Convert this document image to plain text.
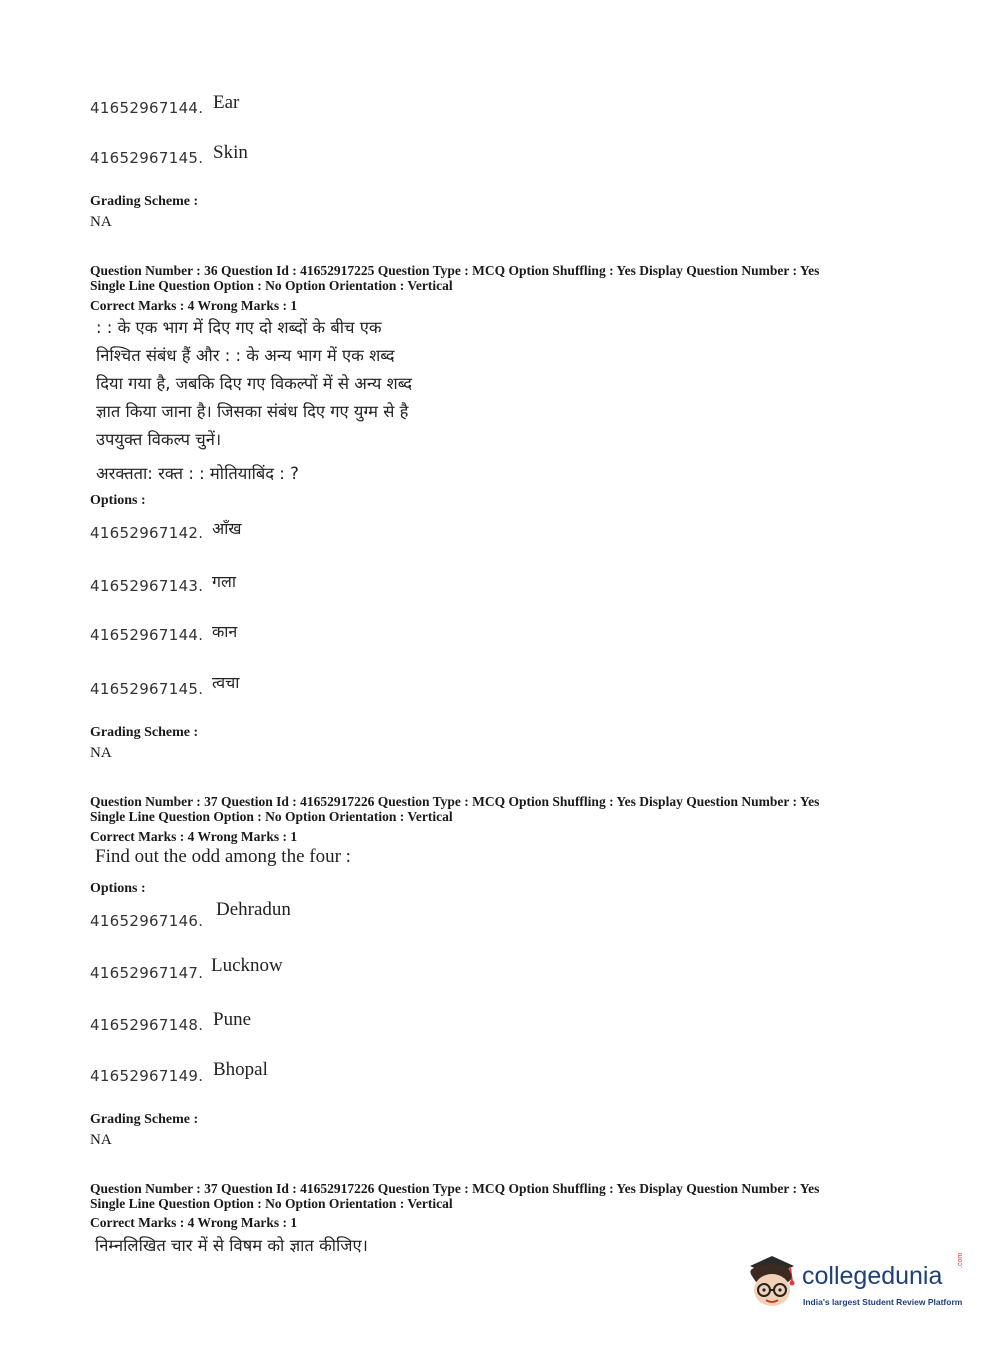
41652967144. Ear
41652967145. Skin
Grading Scheme :
NA
Question Number : 36 Question Id : 41652917225 Question Type : MCQ Option Shuffling : Yes Display Question Number : Yes
Single Line Question Option : No Option Orientation : Vertical
Correct Marks : 4 Wrong Marks : 1
: : के एक भाग में दिए गए दो शब्दों के बीच एक
निश्चित संबंध हैं और : : के अन्य भाग में एक शब्द
दिया गया है, जबकि दिए गए विकल्पों में से अन्य शब्द
ज्ञात किया जाना है। जिसका संबंध दिए गए युग्म से है
उपयुक्त विकल्प चुनें।
अरक्तता: रक्त : : मोतियाबिंद : ?
Options :
41652967142. आँख
41652967143. गला
41652967144. कान
41652967145. त्वचा
Grading Scheme :
NA
Question Number : 37 Question Id : 41652917226 Question Type : MCQ Option Shuffling : Yes Display Question Number : Yes
Single Line Question Option : No Option Orientation : Vertical
Correct Marks : 4 Wrong Marks : 1
Find out the odd among the four :
Options :
41652967146.
Dehradun
41652967147. Lucknow
41652967148. Pune
41652967149. Bhopal
Grading Scheme :
NA
Question Number : 37 Question Id : 41652917226 Question Type : MCQ Option Shuffling : Yes Display Question Number : Yes
Single Line Question Option : No Option Orientation : Vertical
Correct Marks : 4 Wrong Marks : 1
निम्नलिखित चार में से विषम को ज्ञात कीजिए।
collegedunia
.com
India's largest Student Review Platform
